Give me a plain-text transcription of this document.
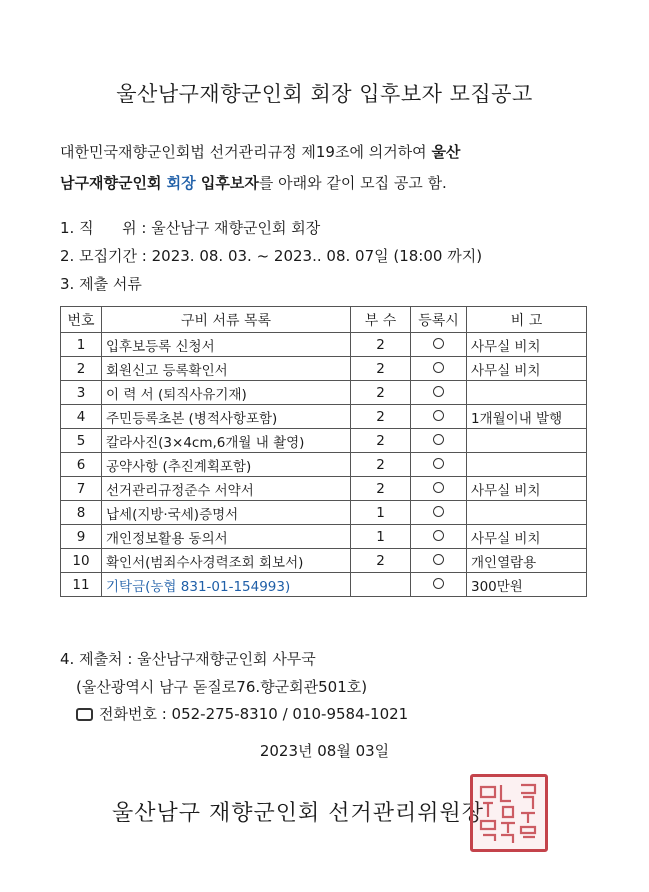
울산남구재향군인회 회장 입후보자 모집공고
대한민국재향군인회법 선거관리규정 제19조에 의거하여 울산
남구재향군인회 회장 입후보자를 아래와 같이 모집 공고 함.
1. 직      위 : 울산남구 재향군인회 회장
2. 모집기간 : 2023. 08. 03. ~ 2023.. 08. 07일 (18:00 까지)
3. 제출 서류
번호	구비 서류 목록	부 수	등록시	비 고
1	입후보등록 신청서	2		사무실 비치
2	회원신고 등록확인서	2		사무실 비치
3	이 력 서 (퇴직사유기재)	2		
4	주민등록초본 (병적사항포함)	2		1개월이내 발행
5	칼라사진(3×4cm,6개월 내 촬영)	2		
6	공약사항 (추진계획포함)	2		
7	선거관리규정준수 서약서	2		사무실 비치
8	납세(지방·국세)증명서	1		
9	개인정보활용 동의서	1		사무실 비치
10	확인서(범죄수사경력조회 회보서)	2		개인열람용
11	기탁금(농협 831-01-154993)			300만원
4. 제출처 : 울산남구재향군인회 사무국
(울산광역시 남구 돋질로76.향군회관501호)
전화번호 : 052-275-8310 / 010-9584-1021
2023년 08월 03일
울산남구 재향군인회 선거관리위원장
